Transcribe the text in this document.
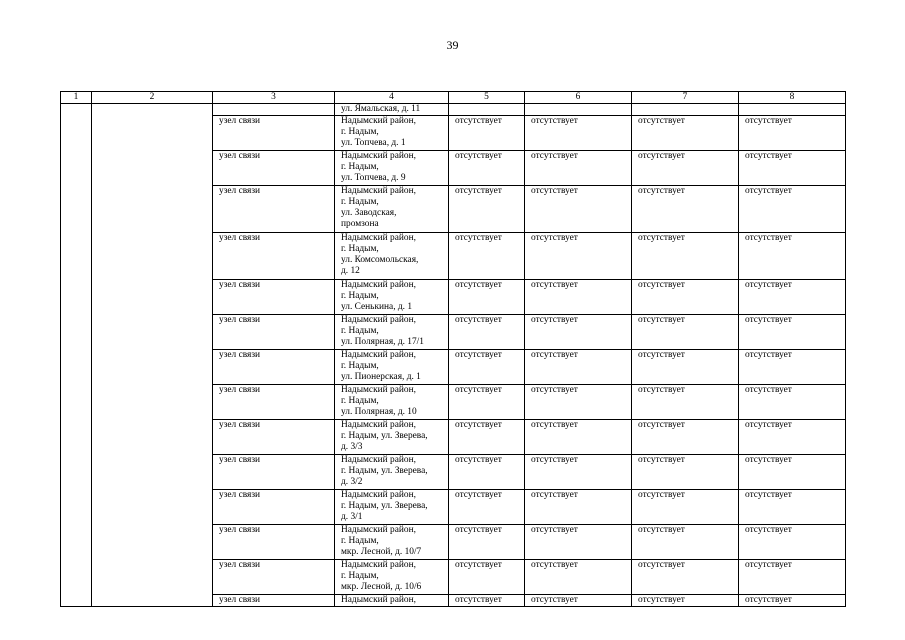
39
1	2	3	4	5	6	7	8
			ул. Ямальская, д. 11				
		узел связи	Надымский район,
г. Надым,
ул. Топчева, д. 1	отсутствует	отсутствует	отсутствует	отсутствует
		узел связи	Надымский район,
г. Надым,
ул. Топчева, д. 9	отсутствует	отсутствует	отсутствует	отсутствует
		узел связи	Надымский район,
г. Надым,
ул. Заводская,
промзона	отсутствует	отсутствует	отсутствует	отсутствует
		узел связи	Надымский район,
г. Надым,
ул. Комсомольская,
д. 12	отсутствует	отсутствует	отсутствует	отсутствует
		узел связи	Надымский район,
г. Надым,
ул. Сенькина, д. 1	отсутствует	отсутствует	отсутствует	отсутствует
		узел связи	Надымский район,
г. Надым,
ул. Полярная, д. 17/1	отсутствует	отсутствует	отсутствует	отсутствует
		узел связи	Надымский район,
г. Надым,
ул. Пионерская, д. 1	отсутствует	отсутствует	отсутствует	отсутствует
		узел связи	Надымский район,
г. Надым,
ул. Полярная, д. 10	отсутствует	отсутствует	отсутствует	отсутствует
		узел связи	Надымский район,
г. Надым, ул. Зверева,
д. 3/3	отсутствует	отсутствует	отсутствует	отсутствует
		узел связи	Надымский район,
г. Надым, ул. Зверева,
д. 3/2	отсутствует	отсутствует	отсутствует	отсутствует
		узел связи	Надымский район,
г. Надым, ул. Зверева,
д. 3/1	отсутствует	отсутствует	отсутствует	отсутствует
		узел связи	Надымский район,
г. Надым,
мкр. Лесной, д. 10/7	отсутствует	отсутствует	отсутствует	отсутствует
		узел связи	Надымский район,
г. Надым,
мкр. Лесной, д. 10/6	отсутствует	отсутствует	отсутствует	отсутствует
		узел связи	Надымский район,	отсутствует	отсутствует	отсутствует	отсутствует
